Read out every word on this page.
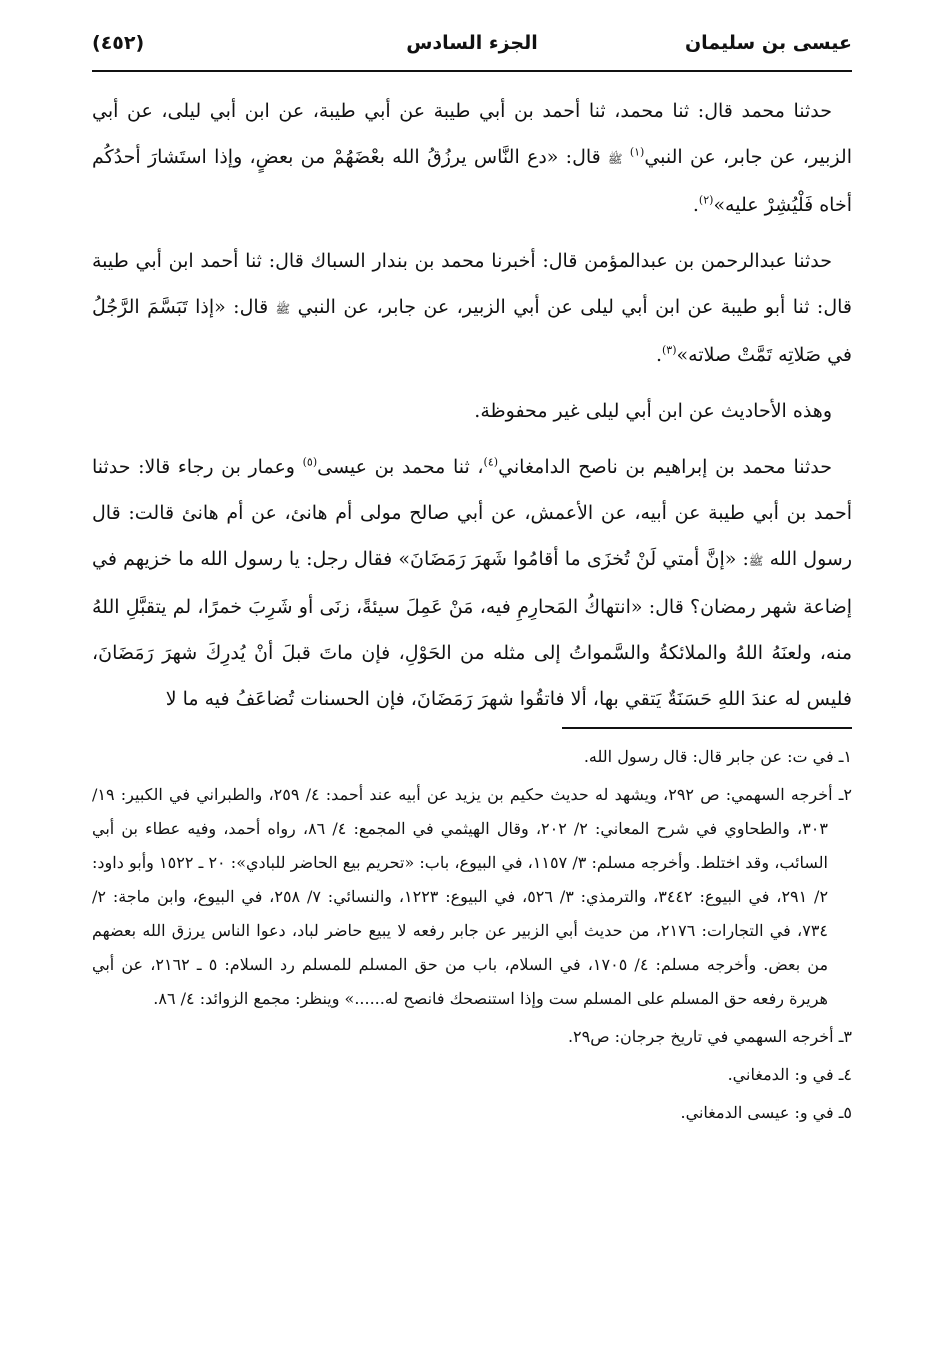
عيسى بن سليمان
الجزء السادس
(٤٥٢)

حدثنا محمد قال: ثنا محمد، ثنا أحمد بن أبي طيبة عن أبي طيبة، عن ابن أبي ليلى، عن أبي الزبير، عن جابر، عن النبي$^{(١)}$ ﷺ قال: «دع النَّاس يرزُقُ الله بعْضَهُمْ من بعضٍ، وإذا استَشارَ أحدُكُم أخاه فَلْيُشِرْ عليه»$^{(٢)}$.

حدثنا عبدالرحمن بن عبدالمؤمن قال: أخبرنا محمد بن بندار السباك قال: ثنا أحمد ابن أبي طيبة قال: ثنا أبو طيبة عن ابن أبي ليلى عن أبي الزبير، عن جابر، عن النبي ﷺ قال: «إذا تَبَسَّمَ الرَّجُلُ في صَلاتِه تَمَّتْ صلاته»$^{(٣)}$.

وهذه الأحاديث عن ابن أبي ليلى غير محفوظة.

حدثنا محمد بن إبراهيم بن ناصح الدامغاني$^{(٤)}$، ثنا محمد بن عيسى$^{(٥)}$ وعمار بن رجاء قالا: حدثنا أحمد بن أبي طيبة عن أبيه، عن الأعمش، عن أبي صالح مولى أم هانئ، عن أم هانئ قالت: قال رسول الله ﷺ: «إنَّ أمتي لَنْ تُخزَى ما أقامُوا شَهرَ رَمَضَانَ» فقال رجل: يا رسول الله ما خزيهم في إضاعة شهر رمضان؟ قال: «انتهاكُ المَحارِمِ فيه، مَنْ عَمِلَ سيئةً، زنَى أو شَرِبَ خمرًا، لم يتقبَّلِ اللهُ منه، ولعنَهُ اللهُ والملائكةُ والسَّمواتُ إلى مثله من الحَوْلِ، فإن ماتَ قبلَ أنْ يُدرِكَ شهرَ رَمَضَانَ، فليس له عندَ اللهِ حَسَنَةٌ يَتقي بها، ألا فاتقُوا شهرَ رَمَضَانَ، فإن الحسنات تُضاعَفُ فيه ما لا

١ـ في ت: عن جابر قال: قال رسول الله.

٢ـ أخرجه السهمي: ص ٢٩٢، ويشهد له حديث حكيم بن يزيد عن أبيه عند أحمد: ٤/ ٢٥٩، والطبراني في الكبير: ١٩/ ٣٠٣، والطحاوي في شرح المعاني: ٢/ ٢٠٢، وقال الهيثمي في المجمع: ٤/ ٨٦، رواه أحمد، وفيه عطاء بن أبي السائب، وقد اختلط. وأخرجه مسلم: ٣/ ١١٥٧، في البيوع، باب: «تحريم بيع الحاضر للبادي»: ٢٠ ـ ١٥٢٢ وأبو داود: ٢/ ٢٩١، في البيوع: ٣٤٤٢، والترمذي: ٣/ ٥٢٦، في البيوع: ١٢٢٣، والنسائي: ٧/ ٢٥٨، في البيوع، وابن ماجة: ٢/ ٧٣٤، في التجارات: ٢١٧٦، من حديث أبي الزبير عن جابر رفعه لا يبيع حاضر لباد، دعوا الناس يرزق الله بعضهم من بعض. وأخرجه مسلم: ٤/ ١٧٠٥، في السلام، باب من حق المسلم للمسلم رد السلام: ٥ ـ ٢١٦٢، عن أبي هريرة رفعه حق المسلم على المسلم ست وإذا استنصحك فانصح له......» وينظر: مجمع الزوائد: ٤/ ٨٦.

٣ـ أخرجه السهمي في تاريخ جرجان: ص٢٩.

٤ـ في و: الدمغاني.

٥ـ في و: عيسى الدمغاني.
